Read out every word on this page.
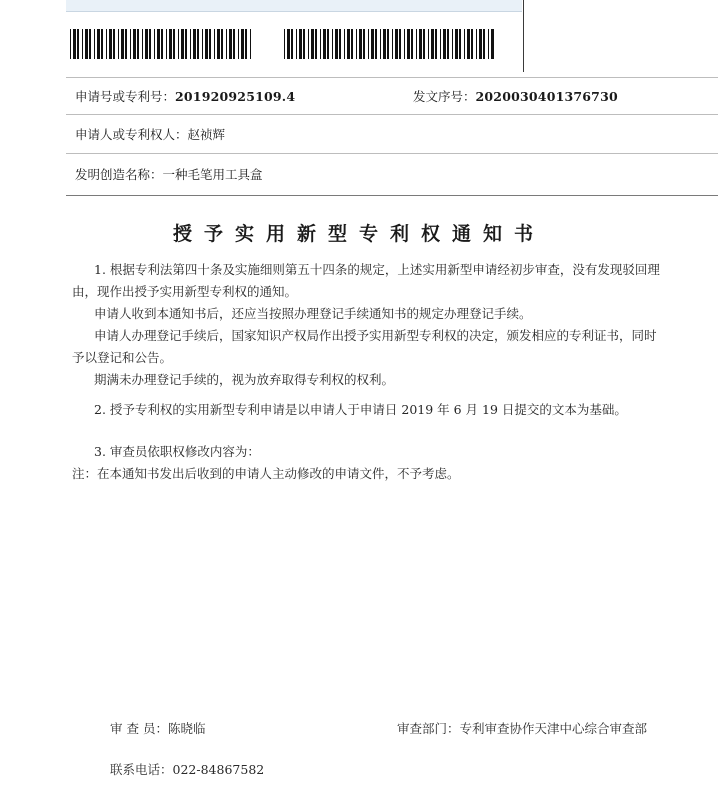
申请号或专利号：201920925109.4	发文序号：2020030401376730
申请人或专利权人：赵祯辉
发明创造名称：一种毛笔用工具盒
授予实用新型专利权通知书

1. 根据专利法第四十条及实施细则第五十四条的规定，上述实用新型申请经初步审查，没有发现驳回理

由，现作出授予实用新型专利权的通知。

申请人收到本通知书后，还应当按照办理登记手续通知书的规定办理登记手续。

申请人办理登记手续后，国家知识产权局作出授予实用新型专利权的决定，颁发相应的专利证书，同时

予以登记和公告。

期满未办理登记手续的，视为放弃取得专利权的权利。

2. 授予专利权的实用新型专利申请是以申请人于申请日 2019 年 6 月 19 日提交的文本为基础。

3. 审查员依职权修改内容为：

注：在本通知书发出后收到的申请人主动修改的申请文件，不予考虑。

审 查 员：陈晓临	审查部门：专利审查协作天津中心综合审查部
联系电话：022-84867582
